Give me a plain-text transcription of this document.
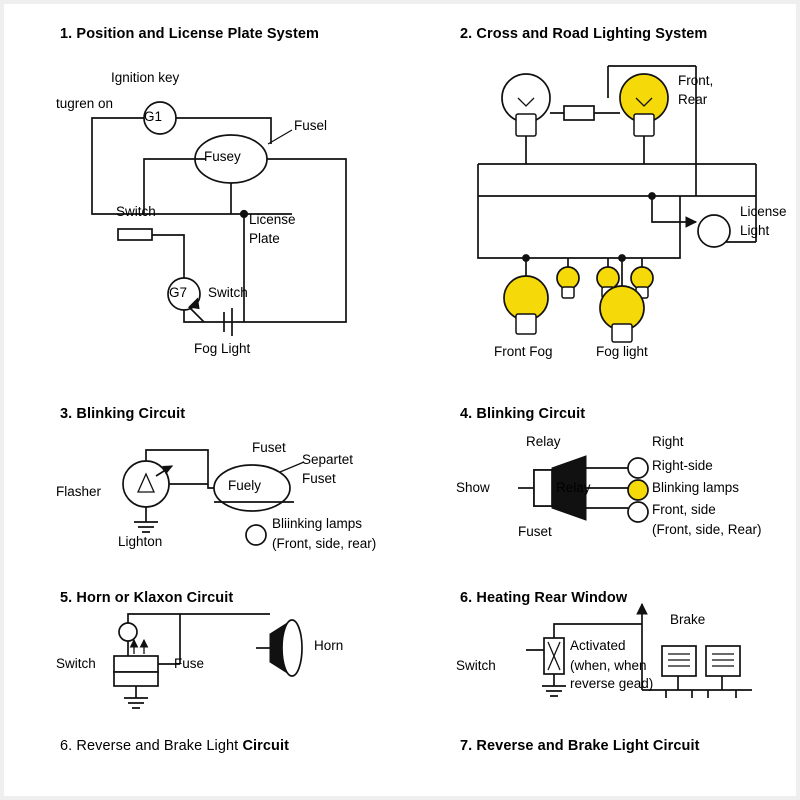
1. Position and License Plate System
Ignition key
tugren on
G1
Fusel
Fusey
License
Plate
Switch
G7 Switch
Fog Light
2. Cross and Road Lighting System
Front,
Rear
License
Light
Front Fog	Fog light
3. Blinking Circuit
Fuset
Flasher	Fuely
Separtet
Fuset
Lighton
Bliinking lamps
(Front, side, rear)
4. Blinking Circuit
Relay	Right
Show	Relay
Fuset
Right-side
Blinking lamps
Front, side
(Front, side, Rear)
5. Horn or Klaxon Circuit
Switch	Fuse
Horn
6. Heating Rear Window
Switch
Activated
(when, when
reverse gead)
Brake
6. Reverse and Brake Light Circuit	7. Reverse and Brake Light Circuit
